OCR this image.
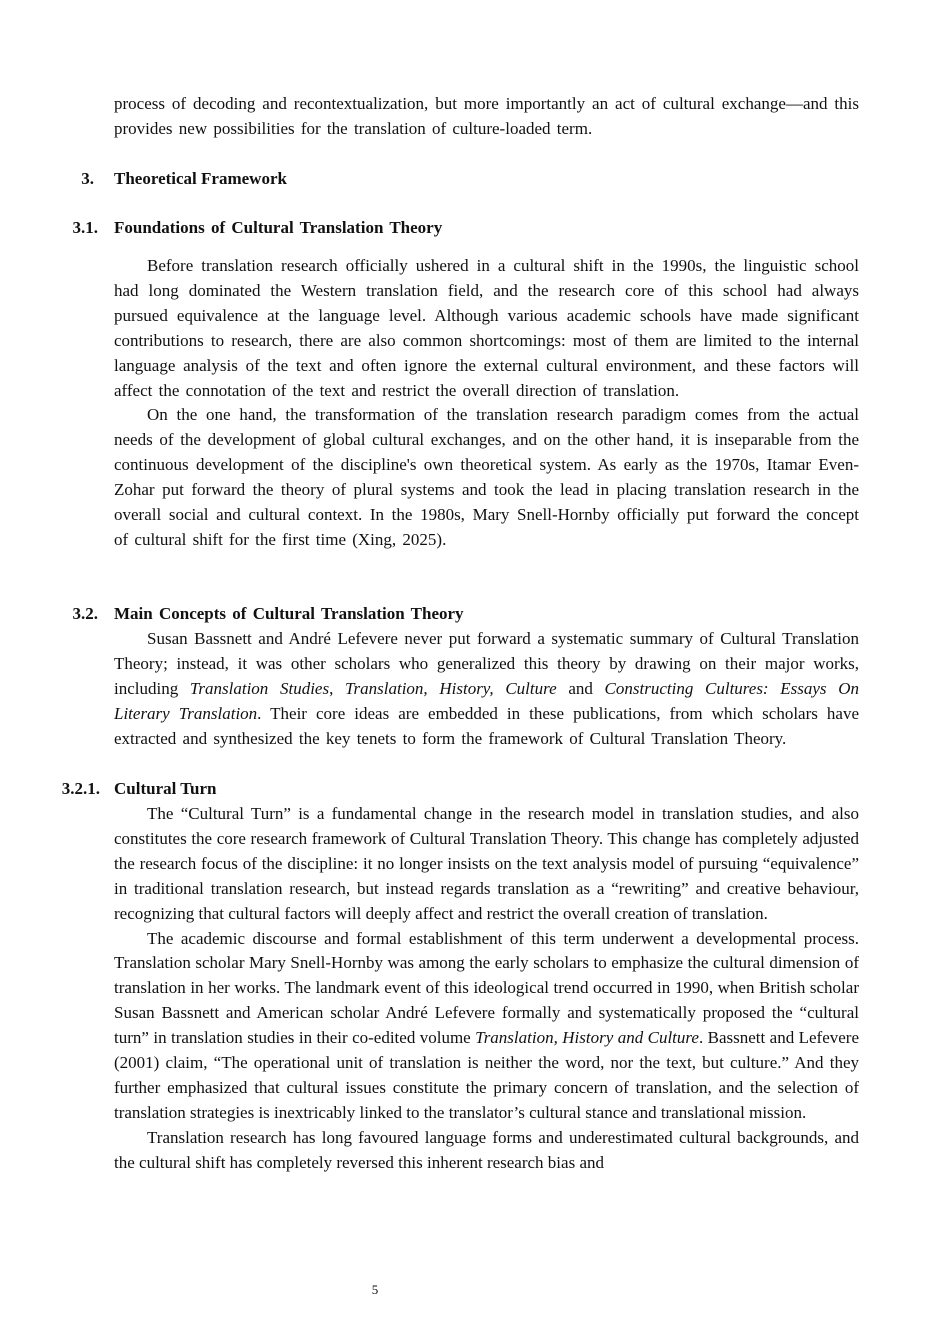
process of decoding and recontextualization, but more importantly an act of cultural exchange—and this provides new possibilities for the translation of culture-loaded term.

3. Theoretical Framework
3.1. Foundations of Cultural Translation Theory

Before translation research officially ushered in a cultural shift in the 1990s, the linguistic school had long dominated the Western translation field, and the research core of this school had always pursued equivalence at the language level. Although various academic schools have made significant contributions to research, there are also common shortcomings: most of them are limited to the internal language analysis of the text and often ignore the external cultural environment, and these factors will affect the connotation of the text and restrict the overall direction of translation.

On the one hand, the transformation of the translation research paradigm comes from the actual needs of the development of global cultural exchanges, and on the other hand, it is inseparable from the continuous development of the discipline's own theoretical system. As early as the 1970s, Itamar Even-Zohar put forward the theory of plural systems and took the lead in placing translation research in the overall social and cultural context. In the 1980s, Mary Snell-Hornby officially put forward the concept of cultural shift for the first time (Xing, 2025).

3.2. Main Concepts of Cultural Translation Theory

Susan Bassnett and André Lefevere never put forward a systematic summary of Cultural Translation Theory; instead, it was other scholars who generalized this theory by drawing on their major works, including Translation Studies, Translation, History, Culture and Constructing Cultures: Essays On Literary Translation. Their core ideas are embedded in these publications, from which scholars have extracted and synthesized the key tenets to form the framework of Cultural Translation Theory.

3.2.1. Cultural Turn

The “Cultural Turn” is a fundamental change in the research model in translation studies, and also constitutes the core research framework of Cultural Translation Theory. This change has completely adjusted the research focus of the discipline: it no longer insists on the text analysis model of pursuing “equivalence” in traditional translation research, but instead regards translation as a “rewriting” and creative behaviour, recognizing that cultural factors will deeply affect and restrict the overall creation of translation.

The academic discourse and formal establishment of this term underwent a developmental process. Translation scholar Mary Snell-Hornby was among the early scholars to emphasize the cultural dimension of translation in her works. The landmark event of this ideological trend occurred in 1990, when British scholar Susan Bassnett and American scholar André Lefevere formally and systematically proposed the “cultural turn” in translation studies in their co-edited volume Translation, History and Culture. Bassnett and Lefevere (2001) claim, “The operational unit of translation is neither the word, nor the text, but culture.” And they further emphasized that cultural issues constitute the primary concern of translation, and the selection of translation strategies is inextricably linked to the translator’s cultural stance and translational mission.

Translation research has long favoured language forms and underestimated cultural backgrounds, and the cultural shift has completely reversed this inherent research bias and

5
